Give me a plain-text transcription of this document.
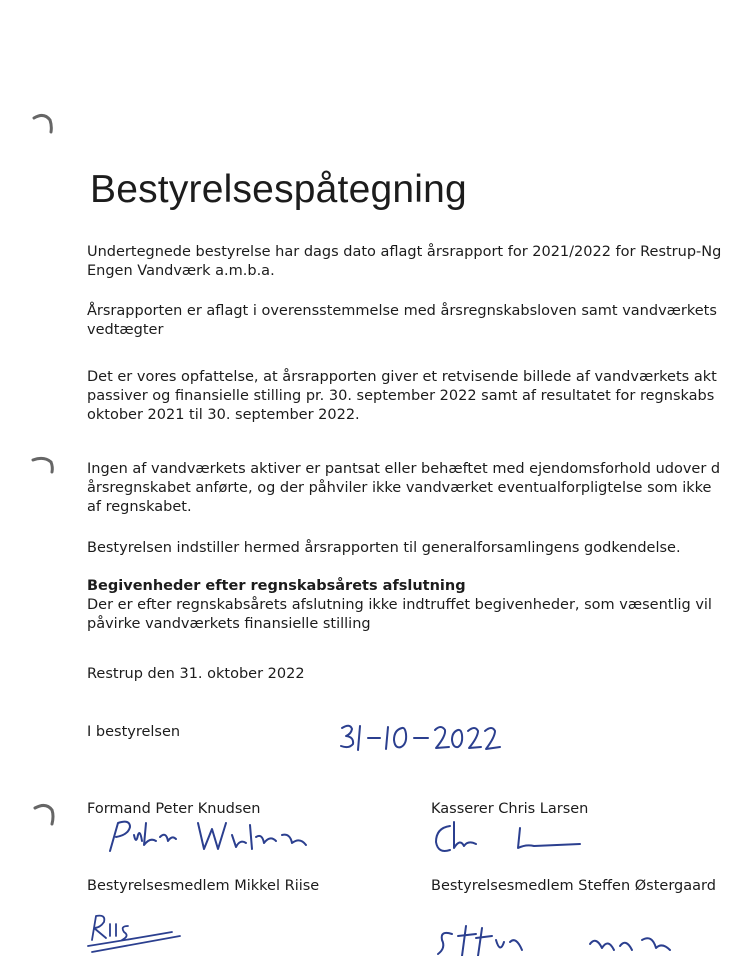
Bestyrelsespåtegning
Undertegnede bestyrelse har dags dato aflagt årsrapport for 2021/2022 for Restrup-Ng
Engen Vandværk a.m.b.a.
Årsrapporten er aflagt i overensstemmelse med årsregnskabsloven samt vandværkets
vedtægter
Det er vores opfattelse, at årsrapporten giver et retvisende billede af vandværkets akt
passiver og finansielle stilling pr. 30. september 2022 samt af resultatet for regnskabs
oktober 2021 til 30. september 2022.
Ingen af vandværkets aktiver er pantsat eller behæftet med ejendomsforhold udover d
årsregnskabet anførte, og der påhviler ikke vandværket eventualforpligtelse som ikke
af regnskabet.
Bestyrelsen indstiller hermed årsrapporten til generalforsamlingens godkendelse.
Begivenheder efter regnskabsårets afslutning
Der er efter regnskabsårets afslutning ikke indtruffet begivenheder, som væsentlig vil
påvirke vandværkets finansielle stilling
Restrup den 31. oktober 2022
I bestyrelsen
Formand Peter Knudsen	Kasserer Chris Larsen
Bestyrelsesmedlem Mikkel Riise	Bestyrelsesmedlem Steffen Østergaard
